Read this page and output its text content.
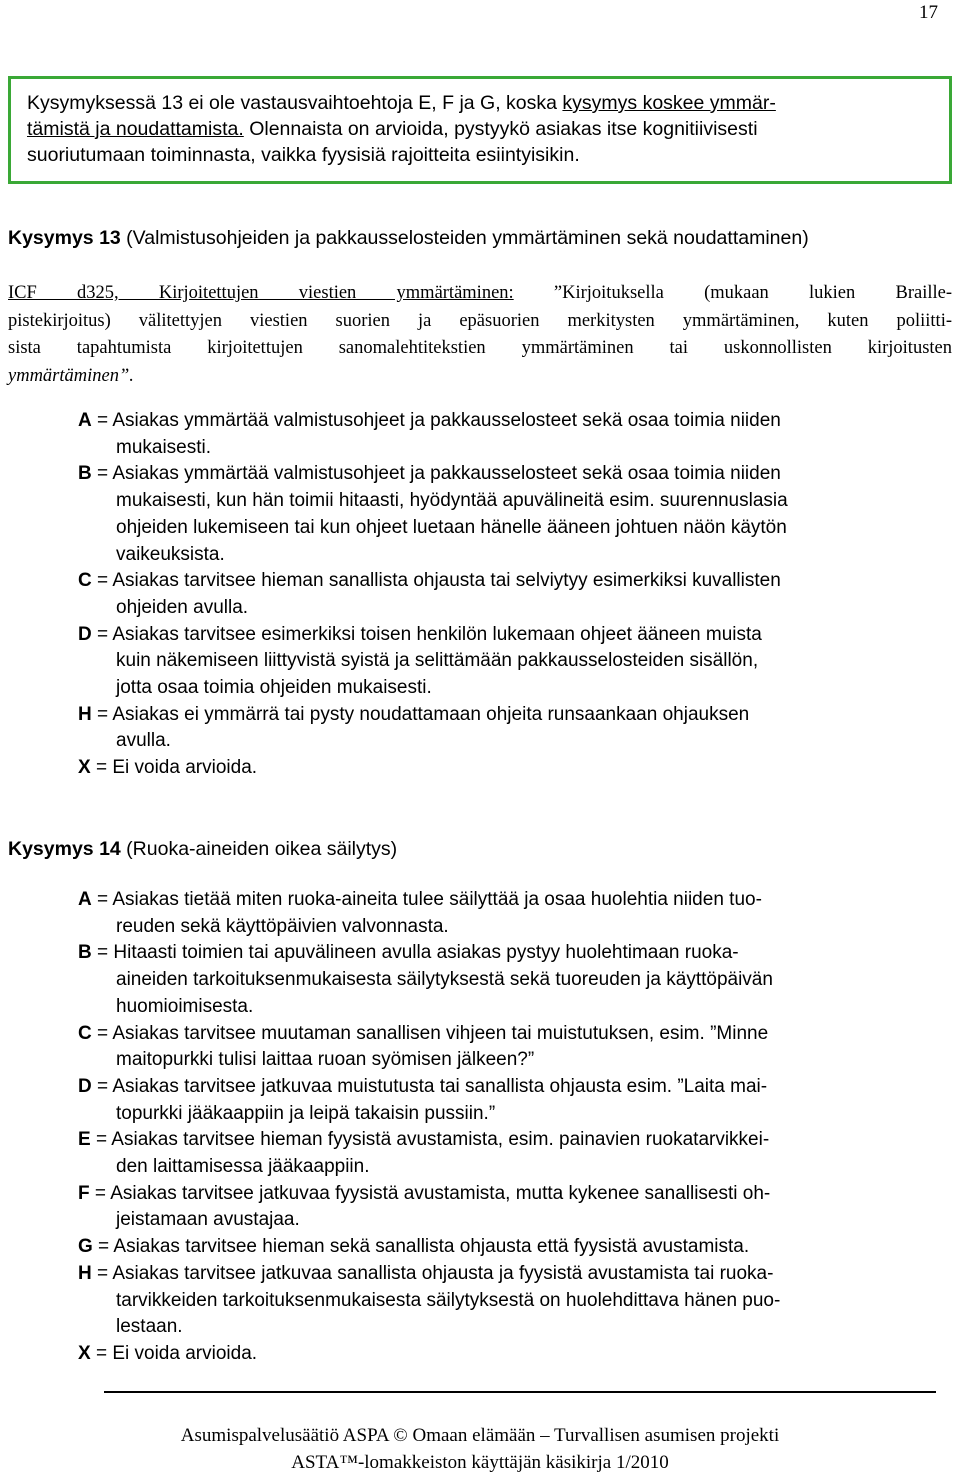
17
Kysymyksessä 13 ei ole vastausvaihtoehtoja E, F ja G, koska kysymys koskee ymmär-
tämistä ja noudattamista. Olennaista on arvioida, pystyykö asiakas itse kognitiivisesti
suoriutumaan toiminnasta, vaikka fyysisiä rajoitteita esiintyisikin.
Kysymys 13 (Valmistusohjeiden ja pakkausselosteiden ymmärtäminen sekä noudattaminen)
ICF d325, Kirjoitettujen viestien ymmärtäminen: ”Kirjoituksella (mukaan lukien Braille-
pistekirjoitus) välitettyjen viestien suorien ja epäsuorien merkitysten ymmärtäminen, kuten poliitti-
sista tapahtumista kirjoitettujen sanomalehtitekstien ymmärtäminen tai uskonnollisten kirjoitusten
ymmärtäminen”.
A = Asiakas ymmärtää valmistusohjeet ja pakkausselosteet sekä osaa toimia niiden
mukaisesti.
B = Asiakas ymmärtää valmistusohjeet ja pakkausselosteet sekä osaa toimia niiden
mukaisesti, kun hän toimii hitaasti, hyödyntää apuvälineitä esim. suurennuslasia
ohjeiden lukemiseen tai kun ohjeet luetaan hänelle ääneen johtuen näön käytön
vaikeuksista.
C = Asiakas tarvitsee hieman sanallista ohjausta tai selviytyy esimerkiksi kuvallisten
ohjeiden avulla.
D = Asiakas tarvitsee esimerkiksi toisen henkilön lukemaan ohjeet ääneen muista
kuin näkemiseen liittyvistä syistä ja selittämään pakkausselosteiden sisällön,
jotta osaa toimia ohjeiden mukaisesti.
H = Asiakas ei ymmärrä tai pysty noudattamaan ohjeita runsaankaan ohjauksen
avulla.
X = Ei voida arvioida.
Kysymys 14 (Ruoka-aineiden oikea säilytys)
A = Asiakas tietää miten ruoka-aineita tulee säilyttää ja osaa huolehtia niiden tuo-
reuden sekä käyttöpäivien valvonnasta.
B = Hitaasti toimien tai apuvälineen avulla asiakas pystyy huolehtimaan ruoka-
aineiden tarkoituksenmukaisesta säilytyksestä sekä tuoreuden ja käyttöpäivän
huomioimisesta.
C = Asiakas tarvitsee muutaman sanallisen vihjeen tai muistutuksen, esim. ”Minne
maitopurkki tulisi laittaa ruoan syömisen jälkeen?”
D = Asiakas tarvitsee jatkuvaa muistutusta tai sanallista ohjausta esim. ”Laita mai-
topurkki jääkaappiin ja leipä takaisin pussiin.”
E = Asiakas tarvitsee hieman fyysistä avustamista, esim. painavien ruokatarvikkei-
den laittamisessa jääkaappiin.
F = Asiakas tarvitsee jatkuvaa fyysistä avustamista, mutta kykenee sanallisesti oh-
jeistamaan avustajaa.
G = Asiakas tarvitsee hieman sekä sanallista ohjausta että fyysistä avustamista.
H = Asiakas tarvitsee jatkuvaa sanallista ohjausta ja fyysistä avustamista tai ruoka-
tarvikkeiden tarkoituksenmukaisesta säilytyksestä on huolehdittava hänen puo-
lestaan.
X = Ei voida arvioida.
Asumispalvelusäätiö ASPA © Omaan elämään – Turvallisen asumisen projekti
ASTA™-lomakkeiston käyttäjän käsikirja 1/2010
